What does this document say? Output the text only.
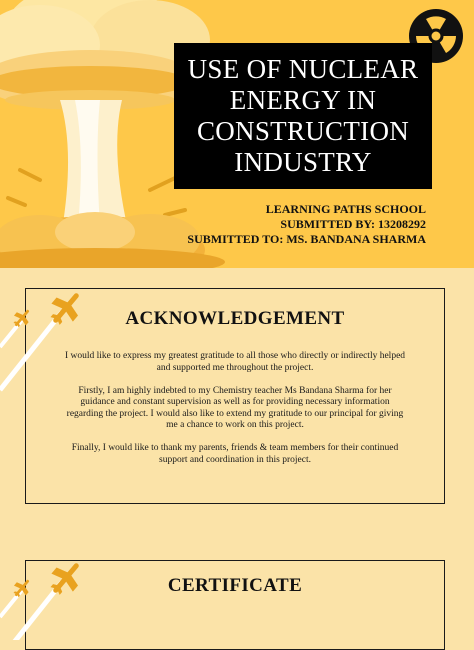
USE OF NUCLEAR ENERGY IN CONSTRUCTION INDUSTRY
LEARNING PATHS SCHOOL
SUBMITTED BY: 13208292
SUBMITTED TO: MS. BANDANA SHARMA
ACKNOWLEDGEMENT

I would like to express my greatest gratitude to all those who directly or indirectly helped and supported me throughout the project.

Firstly, I am highly indebted to my Chemistry teacher Ms Bandana Sharma for her guidance and constant supervision as well as for providing necessary information regarding the project. I would also like to extend my gratitude to our principal for giving me a chance to work on this project.

Finally, I would like to thank my parents, friends & team members for their continued support and coordination in this project.

CERTIFICATE
